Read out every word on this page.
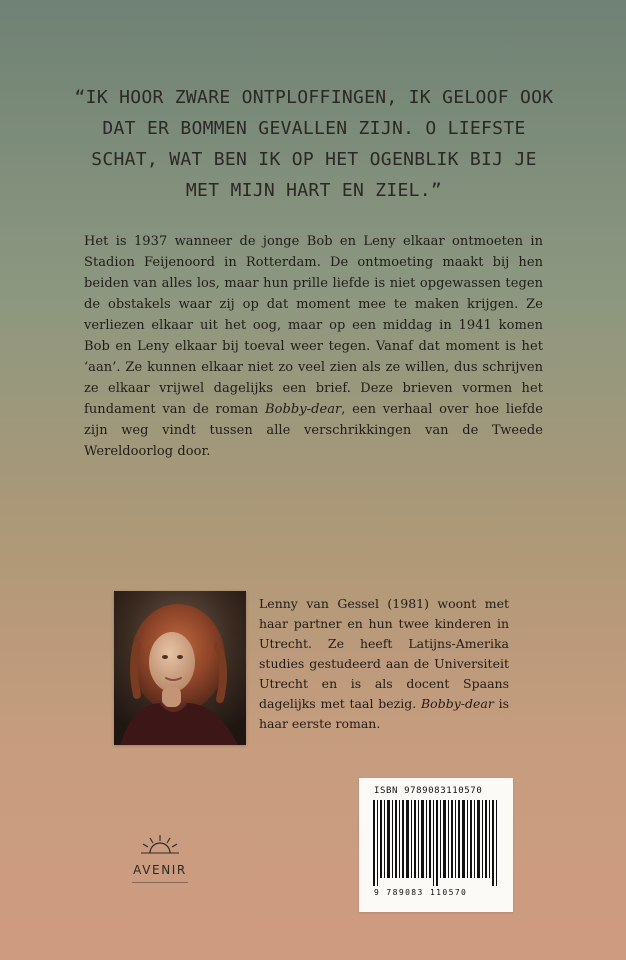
“IK HOOR ZWARE ONTPLOFFINGEN, IK GELOOF OOK DAT ER BOMMEN GEVALLEN ZIJN. O LIEFSTE SCHAT, WAT BEN IK OP HET OGENBLIK BIJ JE MET MIJN HART EN ZIEL.”
Het is 1937 wanneer de jonge Bob en Leny elkaar ontmoeten in Stadion Feijenoord in Rotterdam. De ontmoeting maakt bij hen beiden van alles los, maar hun prille liefde is niet opgewassen tegen de obstakels waar zij op dat moment mee te maken krijgen. Ze verliezen elkaar uit het oog, maar op een middag in 1941 komen Bob en Leny elkaar bij toeval weer tegen. Vanaf dat moment is het ‘aan’. Ze kunnen elkaar niet zo veel zien als ze willen, dus schrijven ze elkaar vrijwel dagelijks een brief. Deze brieven vormen het fundament van de roman Bobby-dear, een verhaal over hoe liefde zijn weg vindt tussen alle verschrikkingen van de Tweede Wereldoorlog door.
Lenny van Gessel (1981) woont met haar partner en hun twee kinderen in Utrecht. Ze heeft Latijns-Amerika studies gestudeerd aan de Universiteit Utrecht en is als docent Spaans dagelijks met taal bezig. Bobby-dear is haar eerste roman.
AVENIR
ISBN 9789083110570
9 789083 110570
